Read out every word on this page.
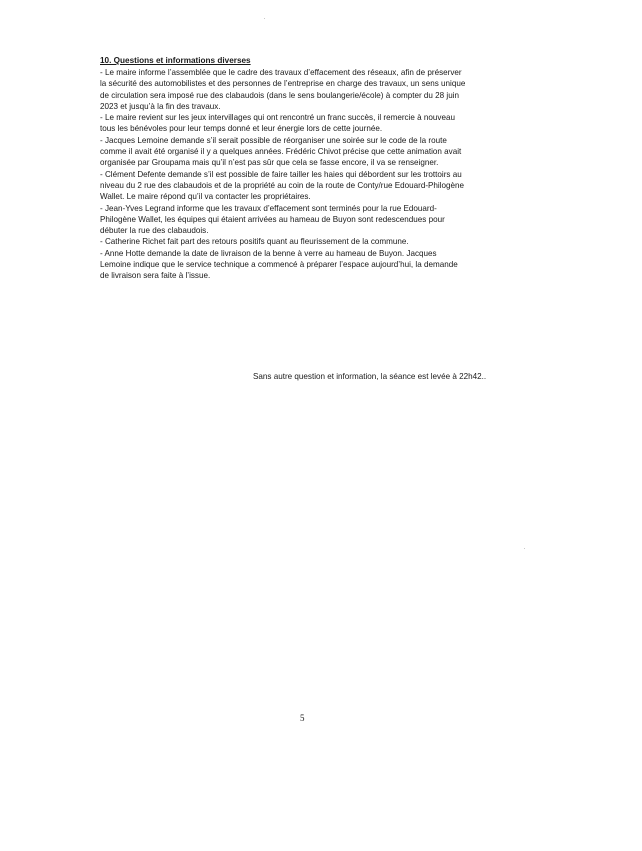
10. Questions et informations diverses

- Le maire informe l’assemblée que le cadre des travaux d’effacement des réseaux, afin de préserver

la sécurité des automobilistes et des personnes de l’entreprise en charge des travaux, un sens unique

de circulation sera imposé rue des clabaudois (dans le sens boulangerie/école) à compter du 28 juin

2023 et jusqu’à la fin des travaux.

- Le maire revient sur les jeux intervillages qui ont rencontré un franc succès, il remercie à nouveau

tous les bénévoles pour leur temps donné et leur énergie lors de cette journée.

- Jacques Lemoine demande s’il serait possible de réorganiser une soirée sur le code de la route

comme il avait été organisé il y a quelques années. Frédéric Chivot précise que cette animation avait

organisée par Groupama mais qu’il n’est pas sûr que cela se fasse encore, il va se renseigner.

- Clément Defente demande s’il est possible de faire tailler les haies qui débordent sur les trottoirs au

niveau du 2 rue des clabaudois et de la propriété au coin de la route de Conty/rue Edouard-Philogène

Wallet. Le maire répond qu’il va contacter les propriétaires.

- Jean-Yves Legrand informe que les travaux d’effacement sont terminés pour la rue Edouard-

Philogène Wallet, les équipes qui étaient arrivées au hameau de Buyon sont redescendues pour

débuter la rue des clabaudois.

- Catherine Richet fait part des retours positifs quant au fleurissement de la commune.

- Anne Hotte demande la date de livraison de la benne à verre au hameau de Buyon. Jacques

Lemoine indique que le service technique a commencé à préparer l’espace aujourd’hui, la demande

de livraison sera faite à l’issue.

Sans autre question et information, la séance est levée à 22h42..
5
